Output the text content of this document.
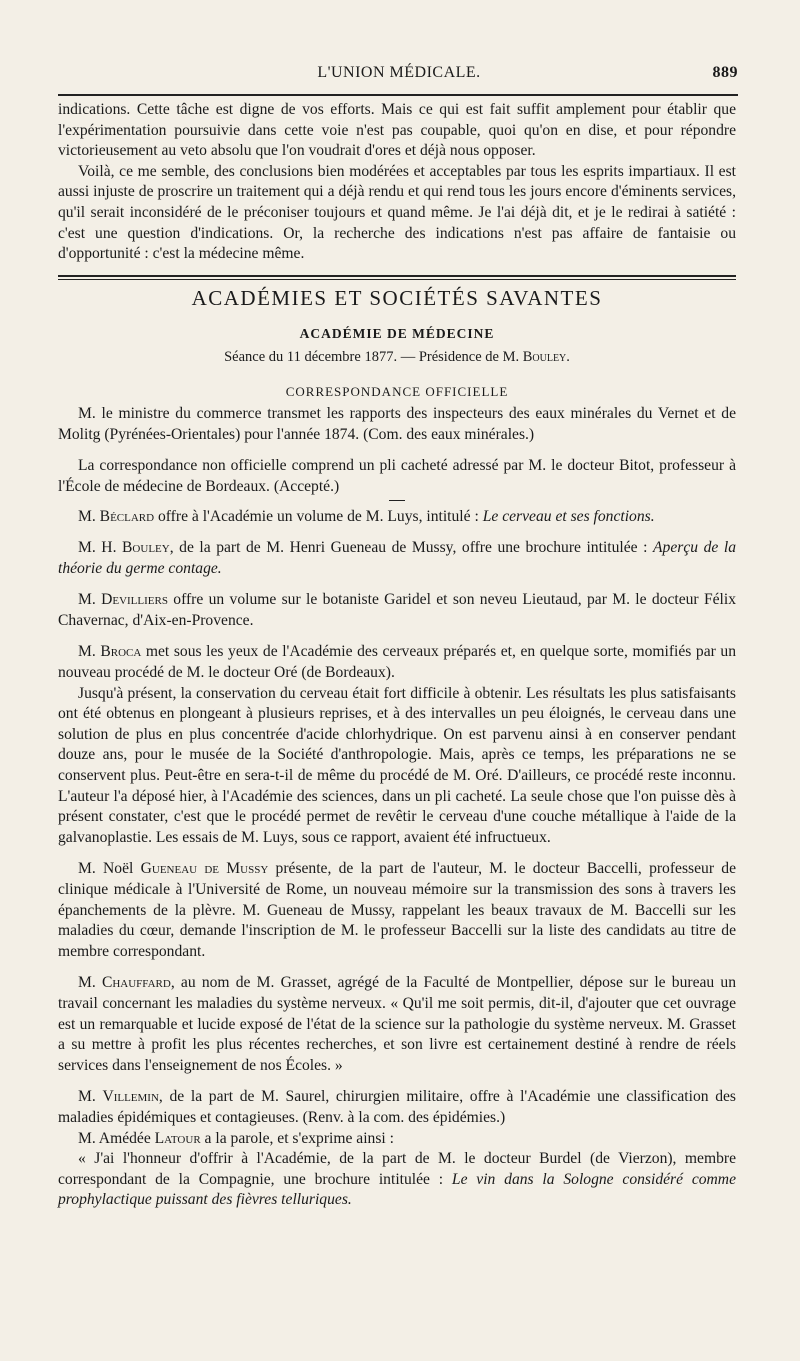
L'UNION MÉDICALE.	889

indications. Cette tâche est digne de vos efforts. Mais ce qui est fait suffit amplement pour établir que l'expérimentation poursuivie dans cette voie n'est pas coupable, quoi qu'on en dise, et pour répondre victorieusement au veto absolu que l'on voudrait d'ores et déjà nous opposer.

Voilà, ce me semble, des conclusions bien modérées et acceptables par tous les esprits impartiaux. Il est aussi injuste de proscrire un traitement qui a déjà rendu et qui rend tous les jours encore d'éminents services, qu'il serait inconsidéré de le préconiser toujours et quand même. Je l'ai déjà dit, et je le redirai à satiété : c'est une question d'indications. Or, la recherche des indications n'est pas affaire de fantaisie ou d'opportunité : c'est la médecine même.

ACADÉMIES ET SOCIÉTÉS SAVANTES
ACADÉMIE DE MÉDECINE
Séance du 11 décembre 1877. — Présidence de M. Bouley.
CORRESPONDANCE OFFICIELLE

M. le ministre du commerce transmet les rapports des inspecteurs des eaux minérales du Vernet et de Molitg (Pyrénées-Orientales) pour l'année 1874. (Com. des eaux minérales.)

La correspondance non officielle comprend un pli cacheté adressé par M. le docteur Bitot, professeur à l'École de médecine de Bordeaux. (Accepté.)

M. Béclard offre à l'Académie un volume de M. Luys, intitulé : Le cerveau et ses fonctions.

M. H. Bouley, de la part de M. Henri Gueneau de Mussy, offre une brochure intitulée : Aperçu de la théorie du germe contage.

M. Devilliers offre un volume sur le botaniste Garidel et son neveu Lieutaud, par M. le docteur Félix Chavernac, d'Aix-en-Provence.

M. Broca met sous les yeux de l'Académie des cerveaux préparés et, en quelque sorte, momifiés par un nouveau procédé de M. le docteur Oré (de Bordeaux).

Jusqu'à présent, la conservation du cerveau était fort difficile à obtenir. Les résultats les plus satisfaisants ont été obtenus en plongeant à plusieurs reprises, et à des intervalles un peu éloignés, le cerveau dans une solution de plus en plus concentrée d'acide chlorhydrique. On est parvenu ainsi à en conserver pendant douze ans, pour le musée de la Société d'anthropologie. Mais, après ce temps, les préparations ne se conservent plus. Peut-être en sera-t-il de même du procédé de M. Oré. D'ailleurs, ce procédé reste inconnu. L'auteur l'a déposé hier, à l'Académie des sciences, dans un pli cacheté. La seule chose que l'on puisse dès à présent constater, c'est que le procédé permet de revêtir le cerveau d'une couche métallique à l'aide de la galvanoplastie. Les essais de M. Luys, sous ce rapport, avaient été infructueux.

M. Noël Gueneau de Mussy présente, de la part de l'auteur, M. le docteur Baccelli, professeur de clinique médicale à l'Université de Rome, un nouveau mémoire sur la transmission des sons à travers les épanchements de la plèvre. M. Gueneau de Mussy, rappelant les beaux travaux de M. Baccelli sur les maladies du cœur, demande l'inscription de M. le professeur Baccelli sur la liste des candidats au titre de membre correspondant.

M. Chauffard, au nom de M. Grasset, agrégé de la Faculté de Montpellier, dépose sur le bureau un travail concernant les maladies du système nerveux. « Qu'il me soit permis, dit-il, d'ajouter que cet ouvrage est un remarquable et lucide exposé de l'état de la science sur la pathologie du système nerveux. M. Grasset a su mettre à profit les plus récentes recherches, et son livre est certainement destiné à rendre de réels services dans l'enseignement de nos Écoles. »

M. Villemin, de la part de M. Saurel, chirurgien militaire, offre à l'Académie une classification des maladies épidémiques et contagieuses. (Renv. à la com. des épidémies.)

M. Amédée Latour a la parole, et s'exprime ainsi :

« J'ai l'honneur d'offrir à l'Académie, de la part de M. le docteur Burdel (de Vierzon), membre correspondant de la Compagnie, une brochure intitulée : Le vin dans la Sologne considéré comme prophylactique puissant des fièvres telluriques.
